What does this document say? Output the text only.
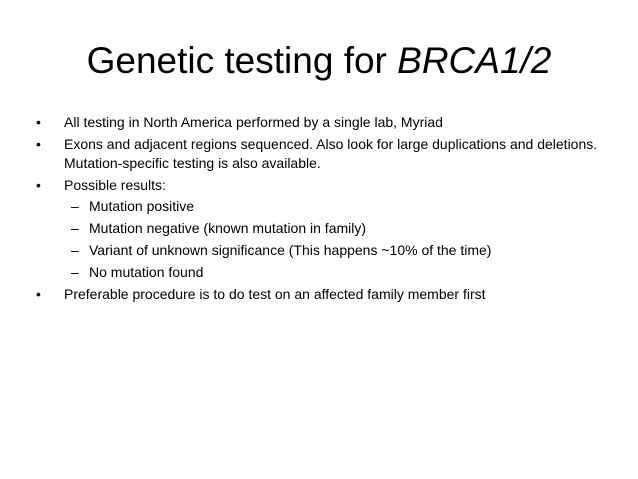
Genetic testing for BRCA1/2
• All testing in North America performed by a single lab, Myriad
• Exons and adjacent regions sequenced. Also look for large duplications and deletions. Mutation-specific testing is also available.
• Possible results:
– Mutation positive
– Mutation negative (known mutation in family)
– Variant of unknown significance (This happens ~10% of the time)
– No mutation found
• Preferable procedure is to do test on an affected family member first
